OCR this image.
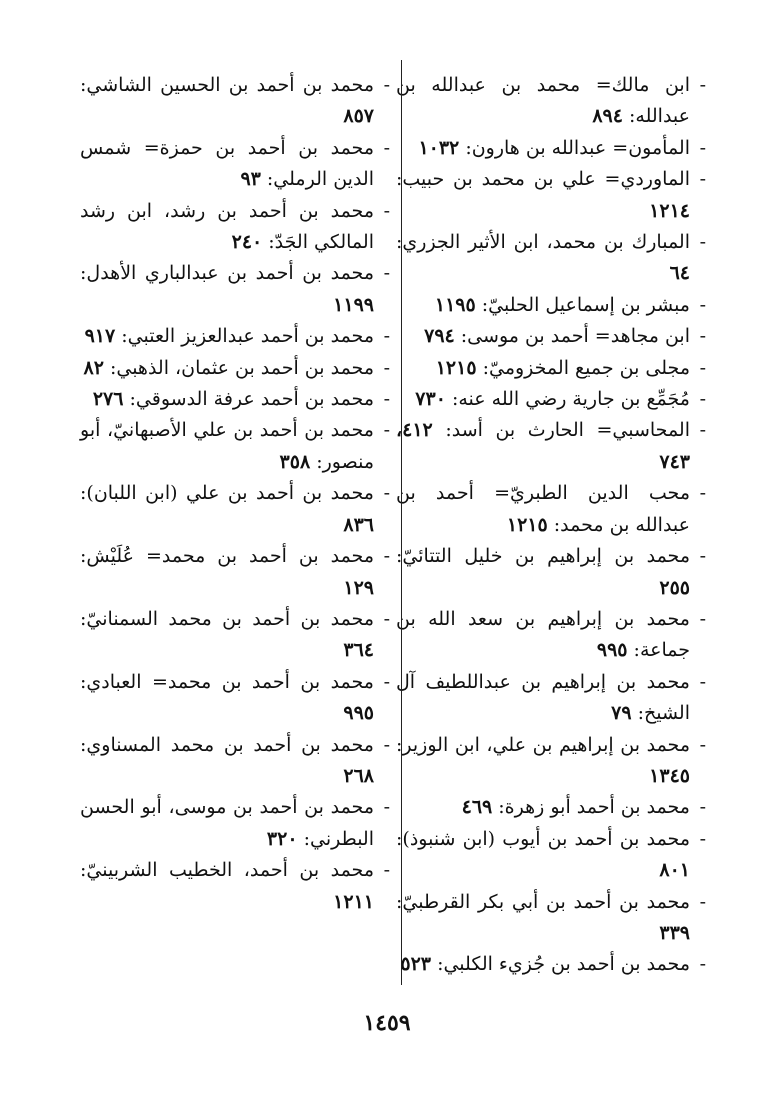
-
ابن مالك= محمد بن عبدالله بن عبدالله: ٨٩٤
-
المأمون= عبدالله بن هارون: ١٠٣٢
-
الماوردي= علي بن محمد بن حبيب: ١٢١٤
-
المبارك بن محمد، ابن الأثير الجزري: ٦٤
-
مبشر بن إسماعيل الحلبيّ: ١١٩٥
-
ابن مجاهد= أحمد بن موسى: ٧٩٤
-
مجلى بن جميع المخزوميّ: ١٢١٥
-
مُجَمِّع بن جارية رضي الله عنه: ٧٣٠
-
المحاسبي= الحارث بن أسد: ٤١٢، ٧٤٣
-
محب الدين الطبريّ= أحمد بن عبدالله بن محمد: ١٢١٥
-
محمد بن إبراهيم بن خليل التتائيّ: ٢٥٥
-
محمد بن إبراهيم بن سعد الله بن جماعة: ٩٩٥
-
محمد بن إبراهيم بن عبداللطيف آل الشيخ: ٧٩
-
محمد بن إبراهيم بن علي، ابن الوزير: ١٣٤٥
-
محمد بن أحمد أبو زهرة: ٤٦٩
-
محمد بن أحمد بن أيوب (ابن شنبوذ): ٨٠١
-
محمد بن أحمد بن أبي بكر القرطبيّ: ٣٣٩
-
محمد بن أحمد بن جُزيء الكلبي: ٥٢٣
-
محمد بن أحمد بن الحسين الشاشي: ٨٥٧
-
محمد بن أحمد بن حمزة= شمس الدين الرملي: ٩٣
-
محمد بن أحمد بن رشد، ابن رشد المالكي الجَدّ: ٢٤٠
-
محمد بن أحمد بن عبدالباري الأهدل: ١١٩٩
-
محمد بن أحمد عبدالعزيز العتبي: ٩١٧
-
محمد بن أحمد بن عثمان، الذهبي: ٨٢
-
محمد بن أحمد عرفة الدسوقي: ٢٧٦
-
محمد بن أحمد بن علي الأصبهانيّ، أبو منصور: ٣٥٨
-
محمد بن أحمد بن علي (ابن اللبان): ٨٣٦
-
محمد بن أحمد بن محمد= عُلَيْش: ١٢٩
-
محمد بن أحمد بن محمد السمنانيّ: ٣٦٤
-
محمد بن أحمد بن محمد= العبادي: ٩٩٥
-
محمد بن أحمد بن محمد المسناوي: ٢٦٨
-
محمد بن أحمد بن موسى، أبو الحسن البطرني: ٣٢٠
-
محمد بن أحمد، الخطيب الشربينيّ: ١٢١١
١٤٥٩
